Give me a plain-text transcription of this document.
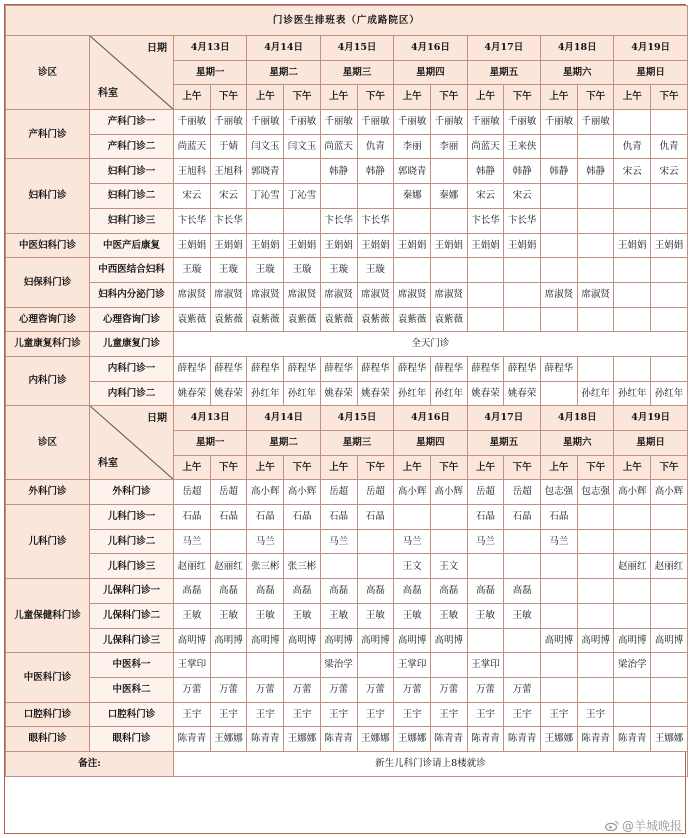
门诊医生排班表（广成路院区）															
诊区	日期
科室	4月13日		4月14日		4月15日		4月16日		4月17日		4月18日		4月19日	
		星期一		星期二		星期三		星期四		星期五		星期六		星期日	
		上午	下午	上午	下午	上午	下午	上午	下午	上午	下午	上午	下午	上午	下午
产科门诊	产科门诊一	千丽敏	千丽敏	千丽敏	千丽敏	千丽敏	千丽敏	千丽敏	千丽敏	千丽敏	千丽敏	千丽敏	千丽敏		
	产科门诊二	尚蓝天	于婧	闫文玉	闫文玉	尚蓝天	仇青	李丽	李丽	尚蓝天	王来侠			仇青	仇青
妇科门诊	妇科门诊一	王旭科	王旭科	郭晓青		韩静	韩静	郭晓青		韩静	韩静	韩静	韩静	宋云	宋云
	妇科门诊二	宋云	宋云	丁沁雪	丁沁雪			秦娜	秦娜	宋云	宋云				
	妇科门诊三	卞长华	卞长华			卞长华	卞长华			卞长华	卞长华				
中医妇科门诊	中医产后康复	王娟娟	王娟娟	王娟娟	王娟娟	王娟娟	王娟娟	王娟娟	王娟娟	王娟娟	王娟娟			王娟娟	王娟娟
妇保科门诊	中西医结合妇科	王璇	王璇	王璇	王璇	王璇	王璇								
	妇科内分泌门诊	席淑贤	席淑贤	席淑贤	席淑贤	席淑贤	席淑贤	席淑贤	席淑贤			席淑贤	席淑贤		
心理咨询门诊	心理咨询门诊	袁紫薇	袁紫薇	袁紫薇	袁紫薇	袁紫薇	袁紫薇	袁紫薇	袁紫薇						
儿童康复科门诊	儿童康复门诊	全天门诊													
内科门诊	内科门诊一	薛程华	薛程华	薛程华	薛程华	薛程华	薛程华	薛程华	薛程华	薛程华	薛程华	薛程华			
	内科门诊二	姚春荣	姚春荣	孙红年	孙红年	姚春荣	姚春荣	孙红年	孙红年	姚春荣	姚春荣		孙红年	孙红年	孙红年
诊区	日期
科室	4月13日		4月14日		4月15日		4月16日		4月17日		4月18日		4月19日	
		星期一		星期二		星期三		星期四		星期五		星期六		星期日	
		上午	下午	上午	下午	上午	下午	上午	下午	上午	下午	上午	下午	上午	下午
外科门诊	外科门诊	岳超	岳超	高小辉	高小辉	岳超	岳超	高小辉	高小辉	岳超	岳超	包志强	包志强	高小辉	高小辉
儿科门诊	儿科门诊一	石晶	石晶	石晶	石晶	石晶	石晶			石晶	石晶	石晶			
	儿科门诊二	马兰		马兰		马兰		马兰		马兰		马兰			
	儿科门诊三	赵丽红	赵丽红	张三彬	张三彬			王文	王文					赵丽红	赵丽红
儿童保健科门诊	儿保科门诊一	高磊	高磊	高磊	高磊	高磊	高磊	高磊	高磊	高磊	高磊				
	儿保科门诊二	王敏	王敏	王敏	王敏	王敏	王敏	王敏	王敏	王敏	王敏				
	儿保科门诊三	高明博	高明博	高明博	高明博	高明博	高明博	高明博	高明博			高明博	高明博	高明博	高明博
中医科门诊	中医科一	王掌印				梁治学		王掌印		王掌印				梁治学	
	中医科二	万蕾	万蕾	万蕾	万蕾	万蕾	万蕾	万蕾	万蕾	万蕾	万蕾				
口腔科门诊	口腔科门诊	王宇	王宇	王宇	王宇	王宇	王宇	王宇	王宇	王宇	王宇	王宇	王宇		
眼科门诊	眼科门诊	陈青青	王娜娜	陈青青	王娜娜	陈青青	王娜娜	王娜娜	陈青青	陈青青	陈青青	王娜娜	陈青青	陈青青	王娜娜
备注:		新生儿科门诊请上8楼就诊													
@羊城晚报
